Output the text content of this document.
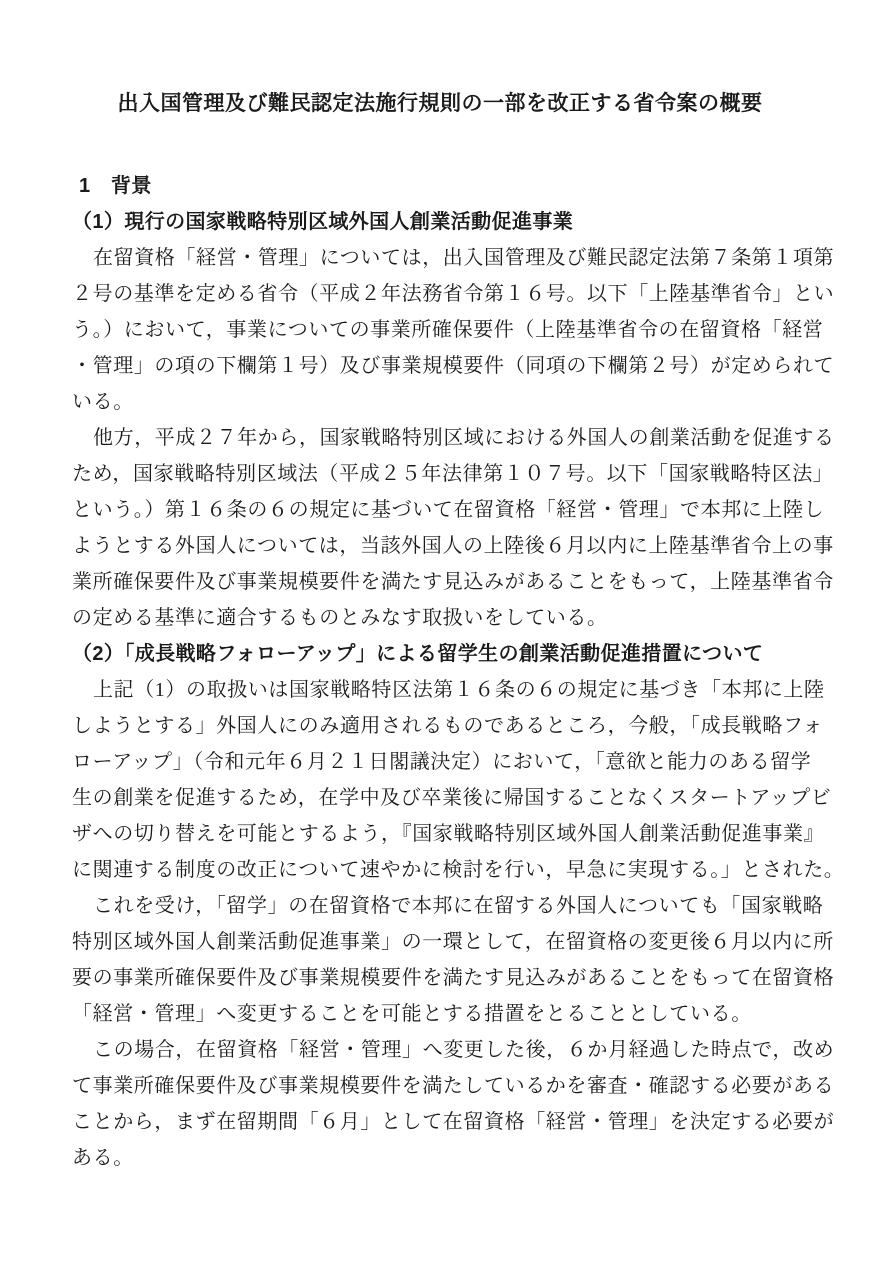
出入国管理及び難民認定法施行規則の一部を改正する省令案の概要
1　背景
（1）現行の国家戦略特別区域外国人創業活動促進事業
在留資格「経営・管理」については，出入国管理及び難民認定法第７条第１項第
２号の基準を定める省令（平成２年法務省令第１６号。以下「上陸基準省令」とい
う。）において，事業についての事業所確保要件（上陸基準省令の在留資格「経営
・管理」の項の下欄第１号）及び事業規模要件（同項の下欄第２号）が定められて
いる。
他方，平成２７年から，国家戦略特別区域における外国人の創業活動を促進する
ため，国家戦略特別区域法（平成２５年法律第１０７号。以下「国家戦略特区法」
という。）第１６条の６の規定に基づいて在留資格「経営・管理」で本邦に上陸し
ようとする外国人については，当該外国人の上陸後６月以内に上陸基準省令上の事
業所確保要件及び事業規模要件を満たす見込みがあることをもって，上陸基準省令
の定める基準に適合するものとみなす取扱いをしている。
（2）「成長戦略フォローアップ」による留学生の創業活動促進措置について
上記（1）の取扱いは国家戦略特区法第１６条の６の規定に基づき「本邦に上陸
しようとする」外国人にのみ適用されるものであるところ，今般，「成長戦略フォ
ローアップ」（令和元年６月２１日閣議決定）において，「意欲と能力のある留学
生の創業を促進するため，在学中及び卒業後に帰国することなくスタートアップビ
ザへの切り替えを可能とするよう，『国家戦略特別区域外国人創業活動促進事業』
に関連する制度の改正について速やかに検討を行い，早急に実現する。」とされた。
これを受け，「留学」の在留資格で本邦に在留する外国人についても「国家戦略
特別区域外国人創業活動促進事業」の一環として，在留資格の変更後６月以内に所
要の事業所確保要件及び事業規模要件を満たす見込みがあることをもって在留資格
「経営・管理」へ変更することを可能とする措置をとることとしている。
この場合，在留資格「経営・管理」へ変更した後，６か月経過した時点で，改め
て事業所確保要件及び事業規模要件を満たしているかを審査・確認する必要がある
ことから，まず在留期間「６月」として在留資格「経営・管理」を決定する必要が
ある。
